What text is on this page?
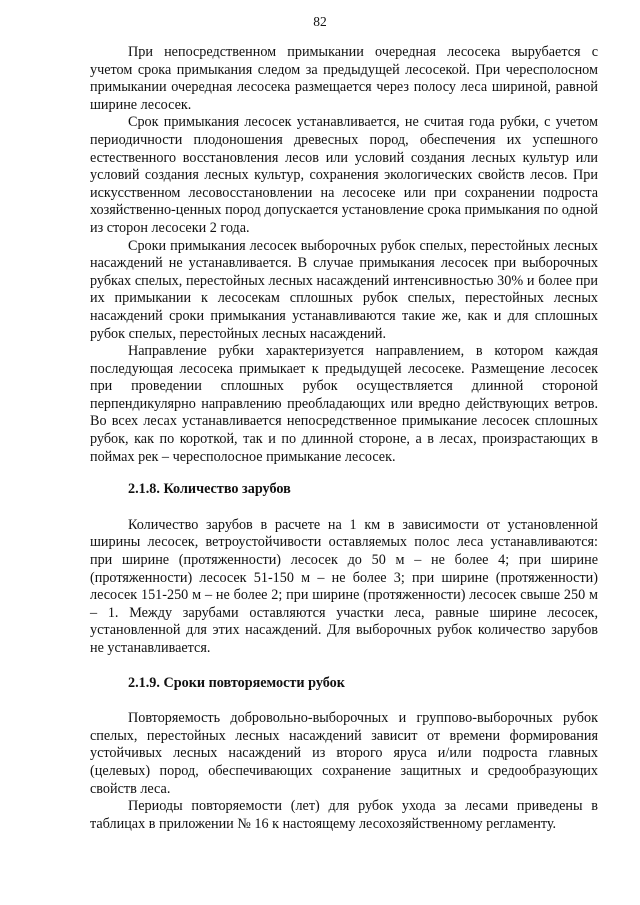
82

При непосредственном примыкании очередная лесосека вырубается с учетом срока примыкания следом за предыдущей лесосекой. При чересполосном примыкании очередная лесосека размещается через полосу леса шириной, равной ширине лесосек.

Срок примыкания лесосек устанавливается, не считая года рубки, с учетом периодичности плодоношения древесных пород, обеспечения их успешного естественного восстановления лесов или условий создания лесных культур или условий создания лесных культур, сохранения экологических свойств лесов. При искусственном лесовосстановлении на лесосеке или при сохранении подроста хозяйственно-ценных пород допускается установление срока примыкания по одной из сторон лесосеки 2 года.

Сроки примыкания лесосек выборочных рубок спелых, перестойных лесных насаждений не устанавливается. В случае примыкания лесосек при выборочных рубках спелых, перестойных лесных насаждений интенсивностью 30% и более при их примыкании к лесосекам сплошных рубок спелых, перестойных лесных насаждений сроки примыкания устанавливаются такие же, как и для сплошных рубок спелых, перестойных лесных насаждений.

Направление рубки характеризуется направлением, в котором каждая последующая лесосека примыкает к предыдущей лесосеке. Размещение лесосек при проведении сплошных рубок осуществляется длинной стороной перпендикулярно направлению преобладающих или вредно действующих ветров. Во всех лесах устанавливается непосредственное примыкание лесосек сплошных рубок, как по короткой, так и по длинной стороне, а в лесах, произрастающих в поймах рек – чересполосное примыкание лесосек.

2.1.8. Количество зарубов

Количество зарубов в расчете на 1 км в зависимости от установленной ширины лесосек, ветроустойчивости оставляемых полос леса устанавливаются: при ширине (протяженности) лесосек до 50 м – не более 4; при ширине (протяженности) лесосек 51-150 м – не более 3; при ширине (протяженности) лесосек 151-250 м – не более 2; при ширине (протяженности) лесосек свыше 250 м – 1. Между зарубами оставляются участки леса, равные ширине лесосек, установленной для этих насаждений. Для выборочных рубок количество зарубов не устанавливается.

2.1.9. Сроки повторяемости рубок

Повторяемость добровольно-выборочных и группово-выборочных рубок спелых, перестойных лесных насаждений зависит от времени формирования устойчивых лесных насаждений из второго яруса и/или подроста главных (целевых) пород, обеспечивающих сохранение защитных и средообразующих свойств леса.

Периоды повторяемости (лет) для рубок ухода за лесами приведены в таблицах в приложении № 16 к настоящему лесохозяйственному регламенту.
